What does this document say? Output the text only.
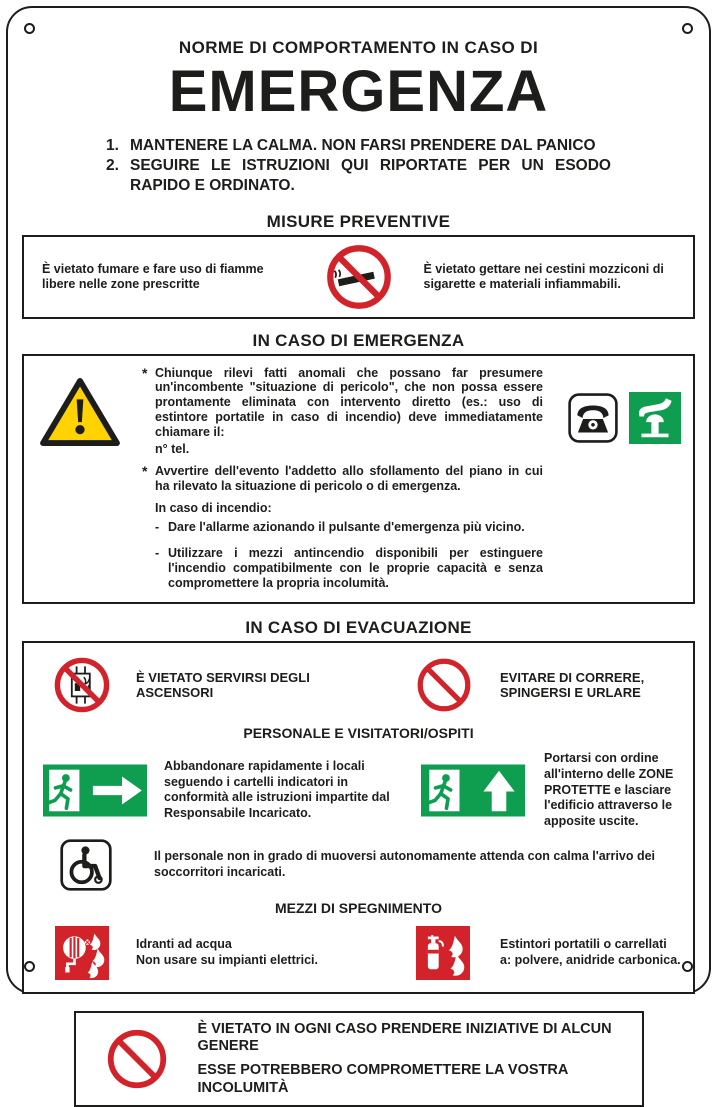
NORME DI COMPORTAMENTO IN CASO DI
EMERGENZA
1. MANTENERE LA CALMA. NON FARSI PRENDERE DAL PANICO
2. SEGUIRE LE ISTRUZIONI QUI RIPORTATE PER UN ESODO RAPIDO E ORDINATO.
MISURE PREVENTIVE
È vietato fumare e fare uso di fiamme libere nelle zone prescritte
È vietato gettare nei cestini mozziconi di sigarette e materiali infiammabili.
IN CASO DI EMERGENZA
* Chiunque rilevi fatti anomali che possano far presumere un'incombente "situazione di pericolo", che non possa essere prontamente eliminata con intervento diretto (es.: uso di estintore portatile in caso di incendio) deve immediatamente chiamare il:
n° tel.
* Avvertire dell'evento l'addetto allo sfollamento del piano in cui ha rilevato la situazione di pericolo o di emergenza.
In caso di incendio:
- Dare l'allarme azionando il pulsante d'emergenza più vicino.
- Utilizzare i mezzi antincendio disponibili per estinguere l'incendio compatibilmente con le proprie capacità e senza compromettere la propria incolumità.
IN CASO DI EVACUAZIONE
È VIETATO SERVIRSI DEGLI ASCENSORI
EVITARE DI CORRERE, SPINGERSI E URLARE
PERSONALE E VISITATORI/OSPITI
Abbandonare rapidamente i locali seguendo i cartelli indicatori in conformità alle istruzioni impartite dal Responsabile Incaricato.
Portarsi con ordine all'interno delle ZONE PROTETTE e lasciare l'edificio attraverso le apposite uscite.
Il personale non in grado di muoversi autonomamente attenda con calma l'arrivo dei soccorritori incaricati.
MEZZI DI SPEGNIMENTO
Idranti ad acqua
Non usare su impianti elettrici.
Estintori portatili o carrellati a: polvere, anidride carbonica.

È VIETATO IN OGNI CASO PRENDERE INIZIATIVE DI ALCUN GENERE

ESSE POTREBBERO COMPROMETTERE LA VOSTRA INCOLUMITÀ
